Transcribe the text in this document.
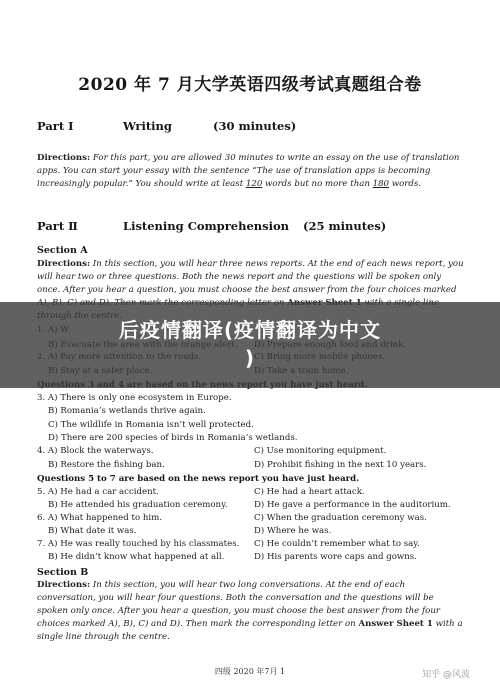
2020 年 7 月大学英语四级考试真题组合卷
Part Ⅰ	Writing	(30 minutes)
Directions: For this part, you are allowed 30 minutes to write an essay on the use of translation apps. You can start your essay with the sentence “The use of translation apps is becoming increasingly popular.” You should write at least 120 words but no more than 180 words.
Part Ⅱ	Listening Comprehension (25 minutes)
Section A
Directions: In this section, you will hear three news reports. At the end of each news report, you will hear two or three questions. Both the news report and the questions will be spoken only once. After you hear a question, you must choose the best answer from the four choices marked
3. A) There is only one ecosystem in Europe.
B) Romania’s wetlands thrive again.
C) The wildlife in Romania isn’t well protected.
D) There are 200 species of birds in Romania’s wetlands.
4. A) Block the waterways.	C) Use monitoring equipment.
B) Restore the fishing ban.	D) Prohibit fishing in the next 10 years.
Questions 5 to 7 are based on the news report you have just heard.
5. A) He had a car accident.	C) He had a heart attack.
B) He attended his graduation ceremony.	D) He gave a performance in the auditorium.
6. A) What happened to him.	C) When the graduation ceremony was.
B) What date it was.	D) Where he was.
7. A) He was really touched by his classmates. C) He couldn’t remember what to say.
B) He didn’t know what happened at all.	D) His parents wore caps and gowns.
Section B
Directions: In this section, you will hear two long conversations. At the end of each conversation, you will hear four questions. Both the conversation and the questions will be spoken only once. After you hear a question, you must choose the best answer from the four choices marked A), B), C) and D). Then mark the corresponding letter on Answer Sheet 1 with a single line through the centre.
四级 2020 年7月 1	知乎 @风波
后疫情翻译(疫情翻译为中文
)
